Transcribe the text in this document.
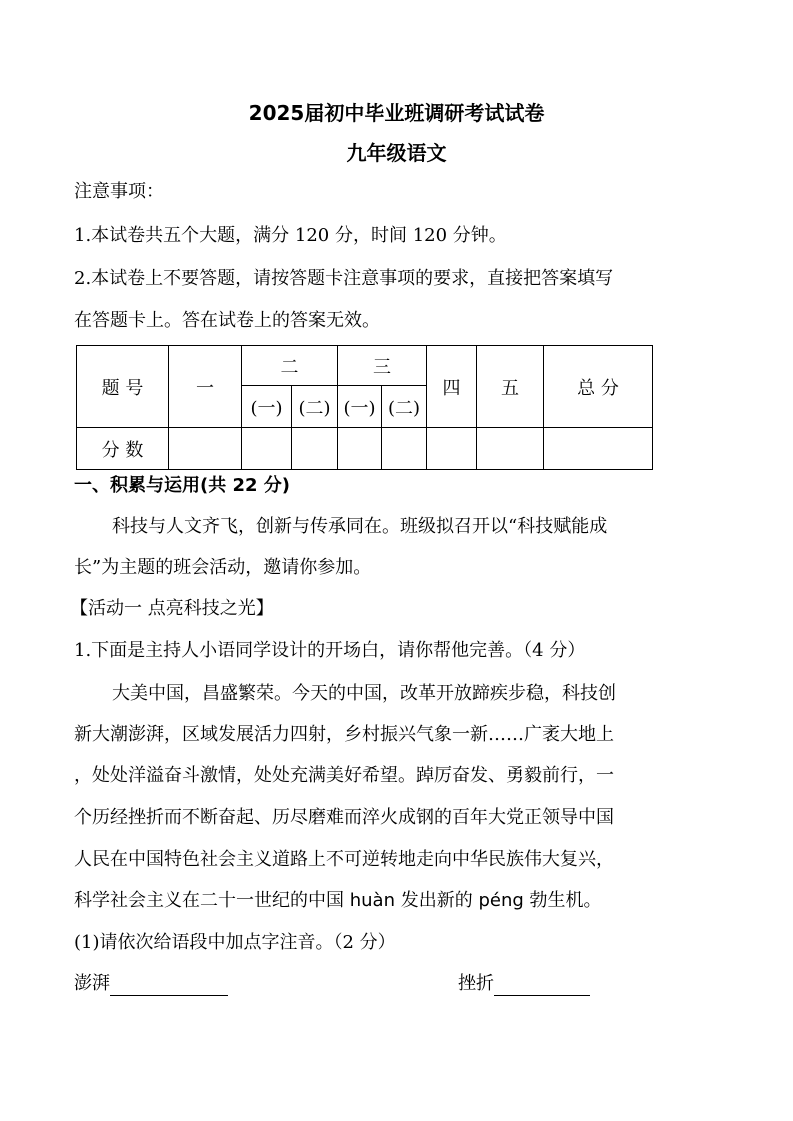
2025届初中毕业班调研考试试卷
九年级语文
注意事项：
1.本试卷共五个大题，满分 120 分，时间 120 分钟。
2.本试卷上不要答题，请按答题卡注意事项的要求，直接把答案填写
在答题卡上。答在试卷上的答案无效。
题 号	一	二		三		四	五	总 分
		(一)	(二)	(一)	(二)			
分 数								
一、积累与运用(共 22 分)
科技与人文齐飞，创新与传承同在。班级拟召开以“科技赋能成
长”为主题的班会活动，邀请你参加。
【活动一 点亮科技之光】
1.下面是主持人小语同学设计的开场白，请你帮他完善。（4 分）
大美中国，昌盛繁荣。今天的中国，改革开放蹄疾步稳，科技创
新大潮澎湃，区域发展活力四射，乡村振兴气象一新……广袤大地上
，处处洋溢奋斗激情，处处充满美好希望。踔厉奋发、勇毅前行，一
个历经挫折而不断奋起、历尽磨难而淬火成钢的百年大党正领导中国
人民在中国特色社会主义道路上不可逆转地走向中华民族伟大复兴，
科学社会主义在二十一世纪的中国 huàn 发出新的 péng 勃生机。
(1)请依次给语段中加点字注音。（2 分）
澎湃	挫折
